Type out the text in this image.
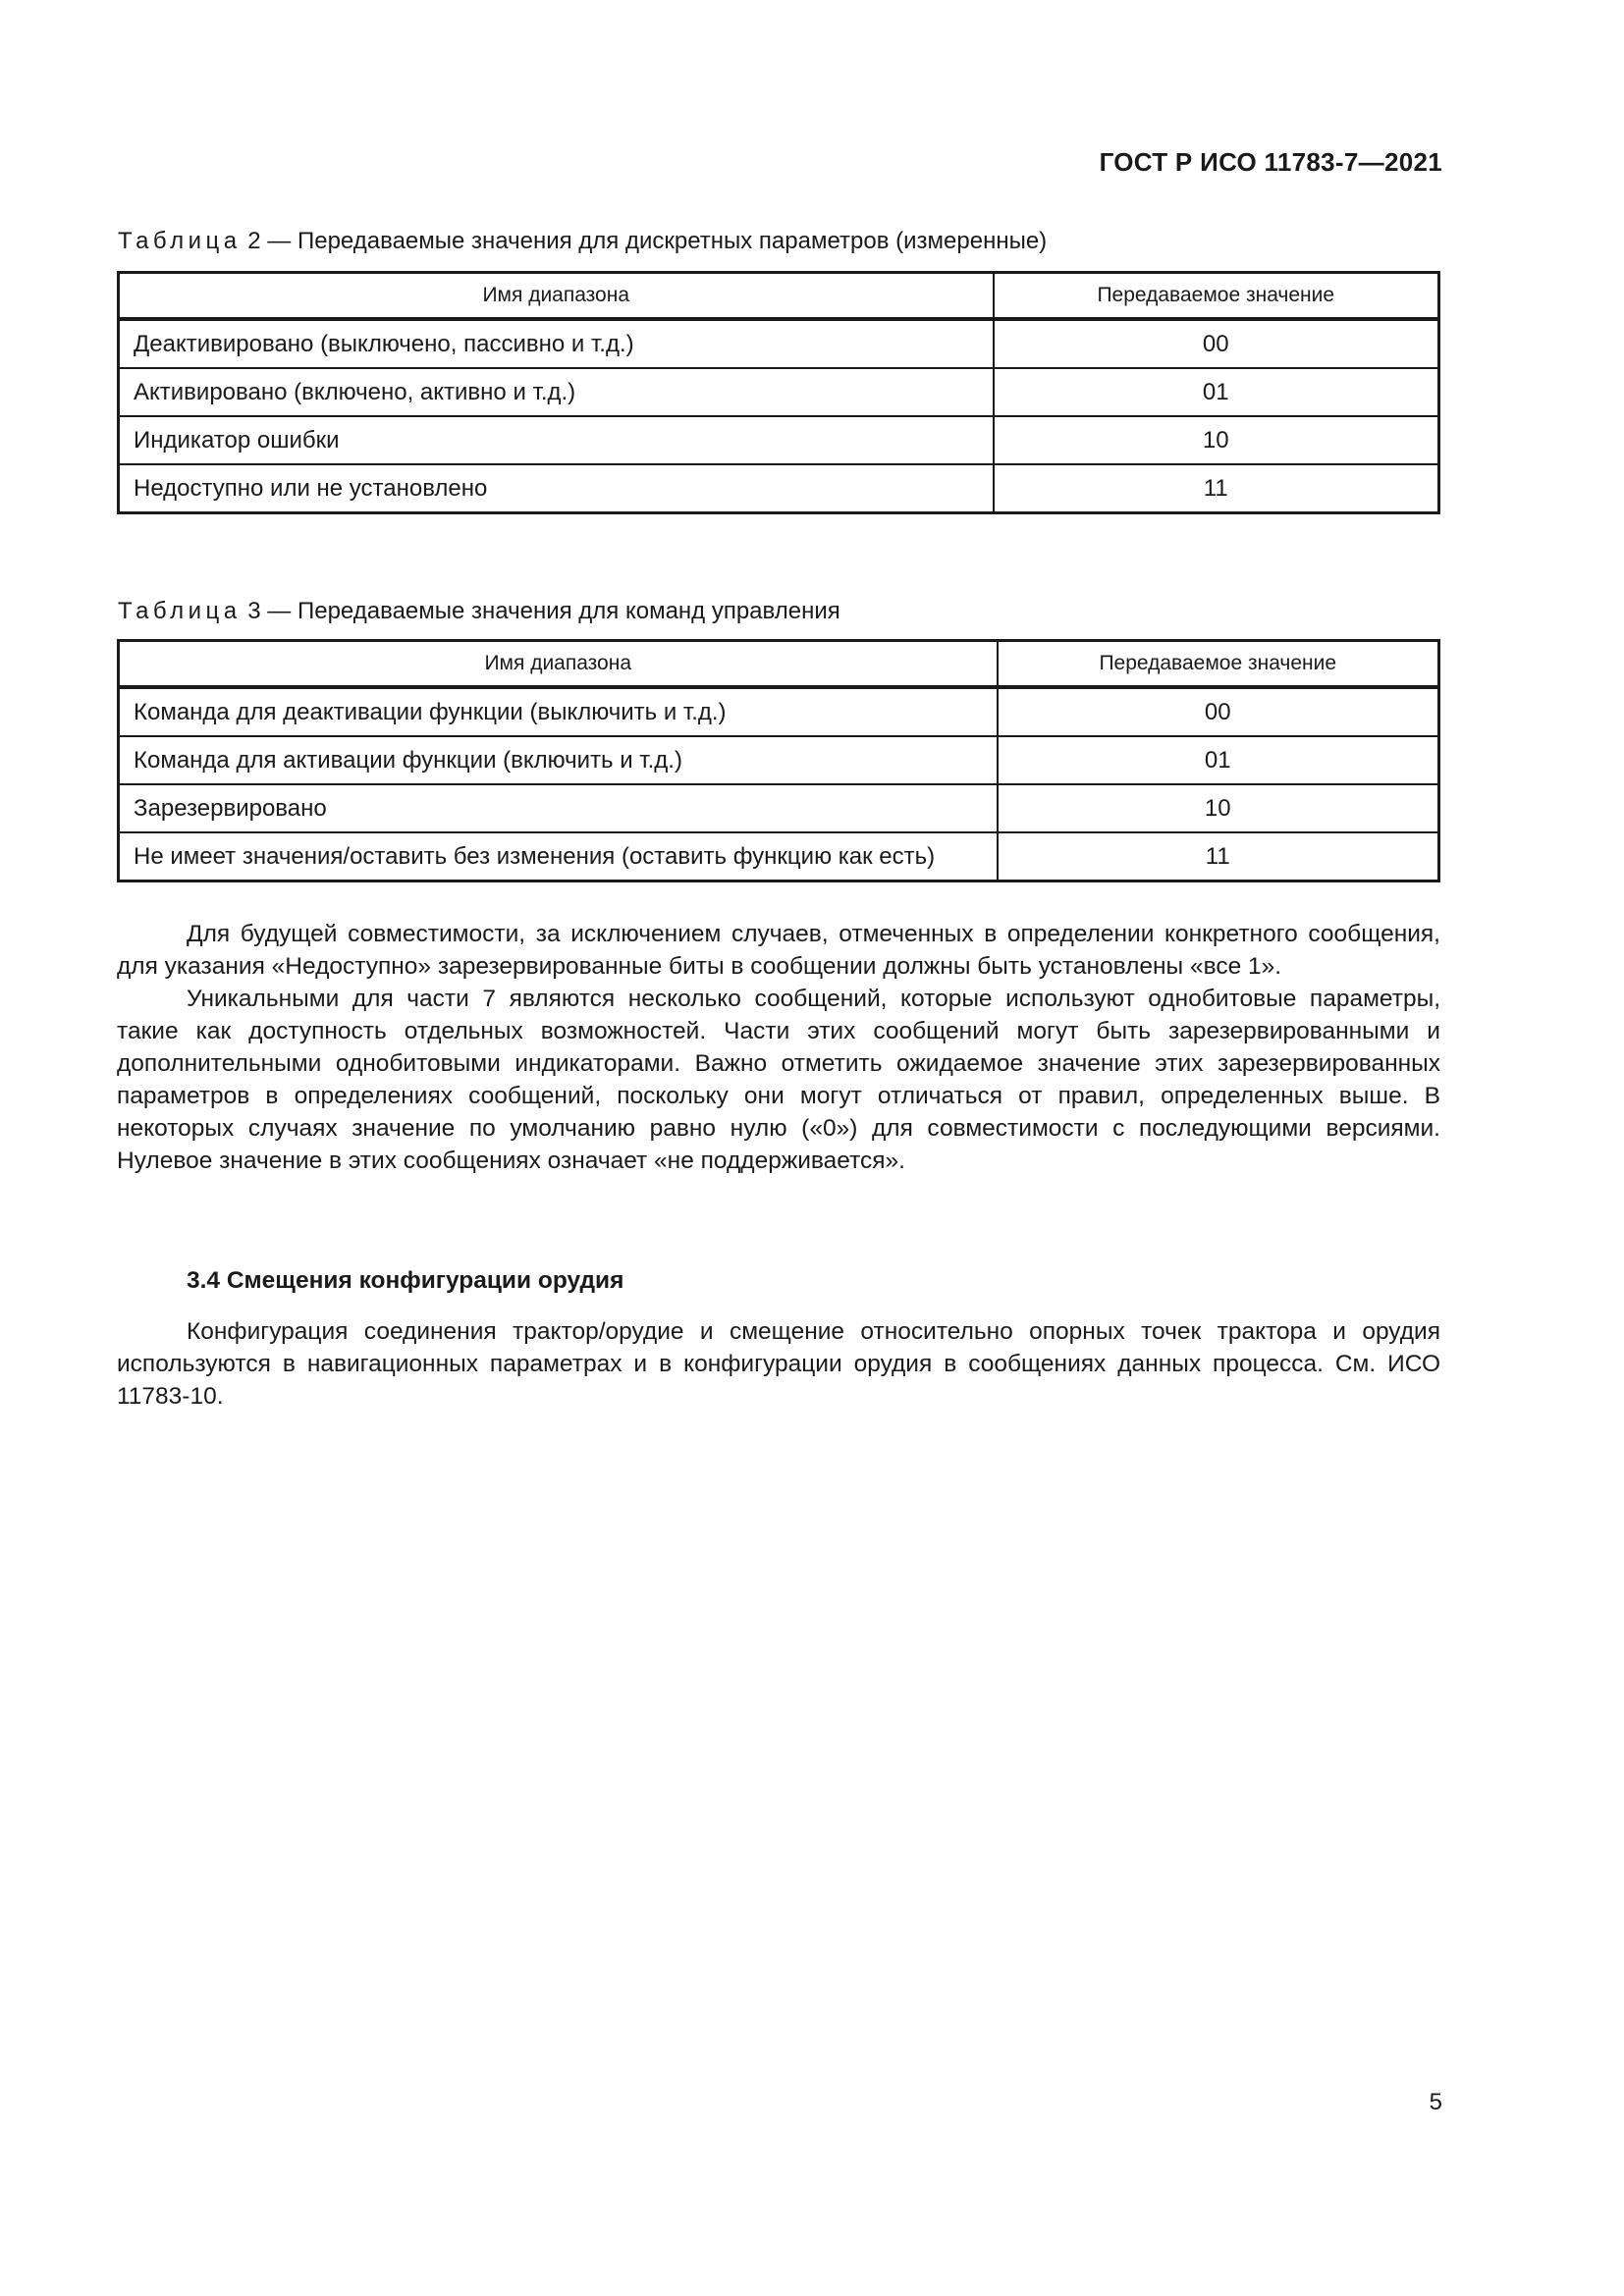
ГОСТ Р ИСО 11783-7—2021
Таблица 2 — Передаваемые значения для дискретных параметров (измеренные)
Имя диапазона	Передаваемое значение
Деактивировано (выключено, пассивно и т.д.)	00
Активировано (включено, активно и т.д.)	01
Индикатор ошибки	10
Недоступно или не установлено	11
Таблица 3 — Передаваемые значения для команд управления
Имя диапазона	Передаваемое значение
Команда для деактивации функции (выключить и т.д.)	00
Команда для активации функции (включить и т.д.)	01
Зарезервировано	10
Не имеет значения/оставить без изменения (оставить функцию как есть)	11

Для будущей совместимости, за исключением случаев, отмеченных в определении конкретного сообщения, для указания «Недоступно» зарезервированные биты в сообщении должны быть установлены «все 1».

Уникальными для части 7 являются несколько сообщений, которые используют однобитовые параметры, такие как доступность отдельных возможностей. Части этих сообщений могут быть зарезервированными и дополнительными однобитовыми индикаторами. Важно отметить ожидаемое значение этих зарезервированных параметров в определениях сообщений, поскольку они могут отличаться от правил, определенных выше. В некоторых случаях значение по умолчанию равно нулю («0») для совместимости с последующими версиями. Нулевое значение в этих сообщениях означает «не поддерживается».

3.4 Смещения конфигурации орудия

Конфигурация соединения трактор/орудие и смещение относительно опорных точек трактора и орудия используются в навигационных параметрах и в конфигурации орудия в сообщениях данных процесса. См. ИСО 11783-10.

5
